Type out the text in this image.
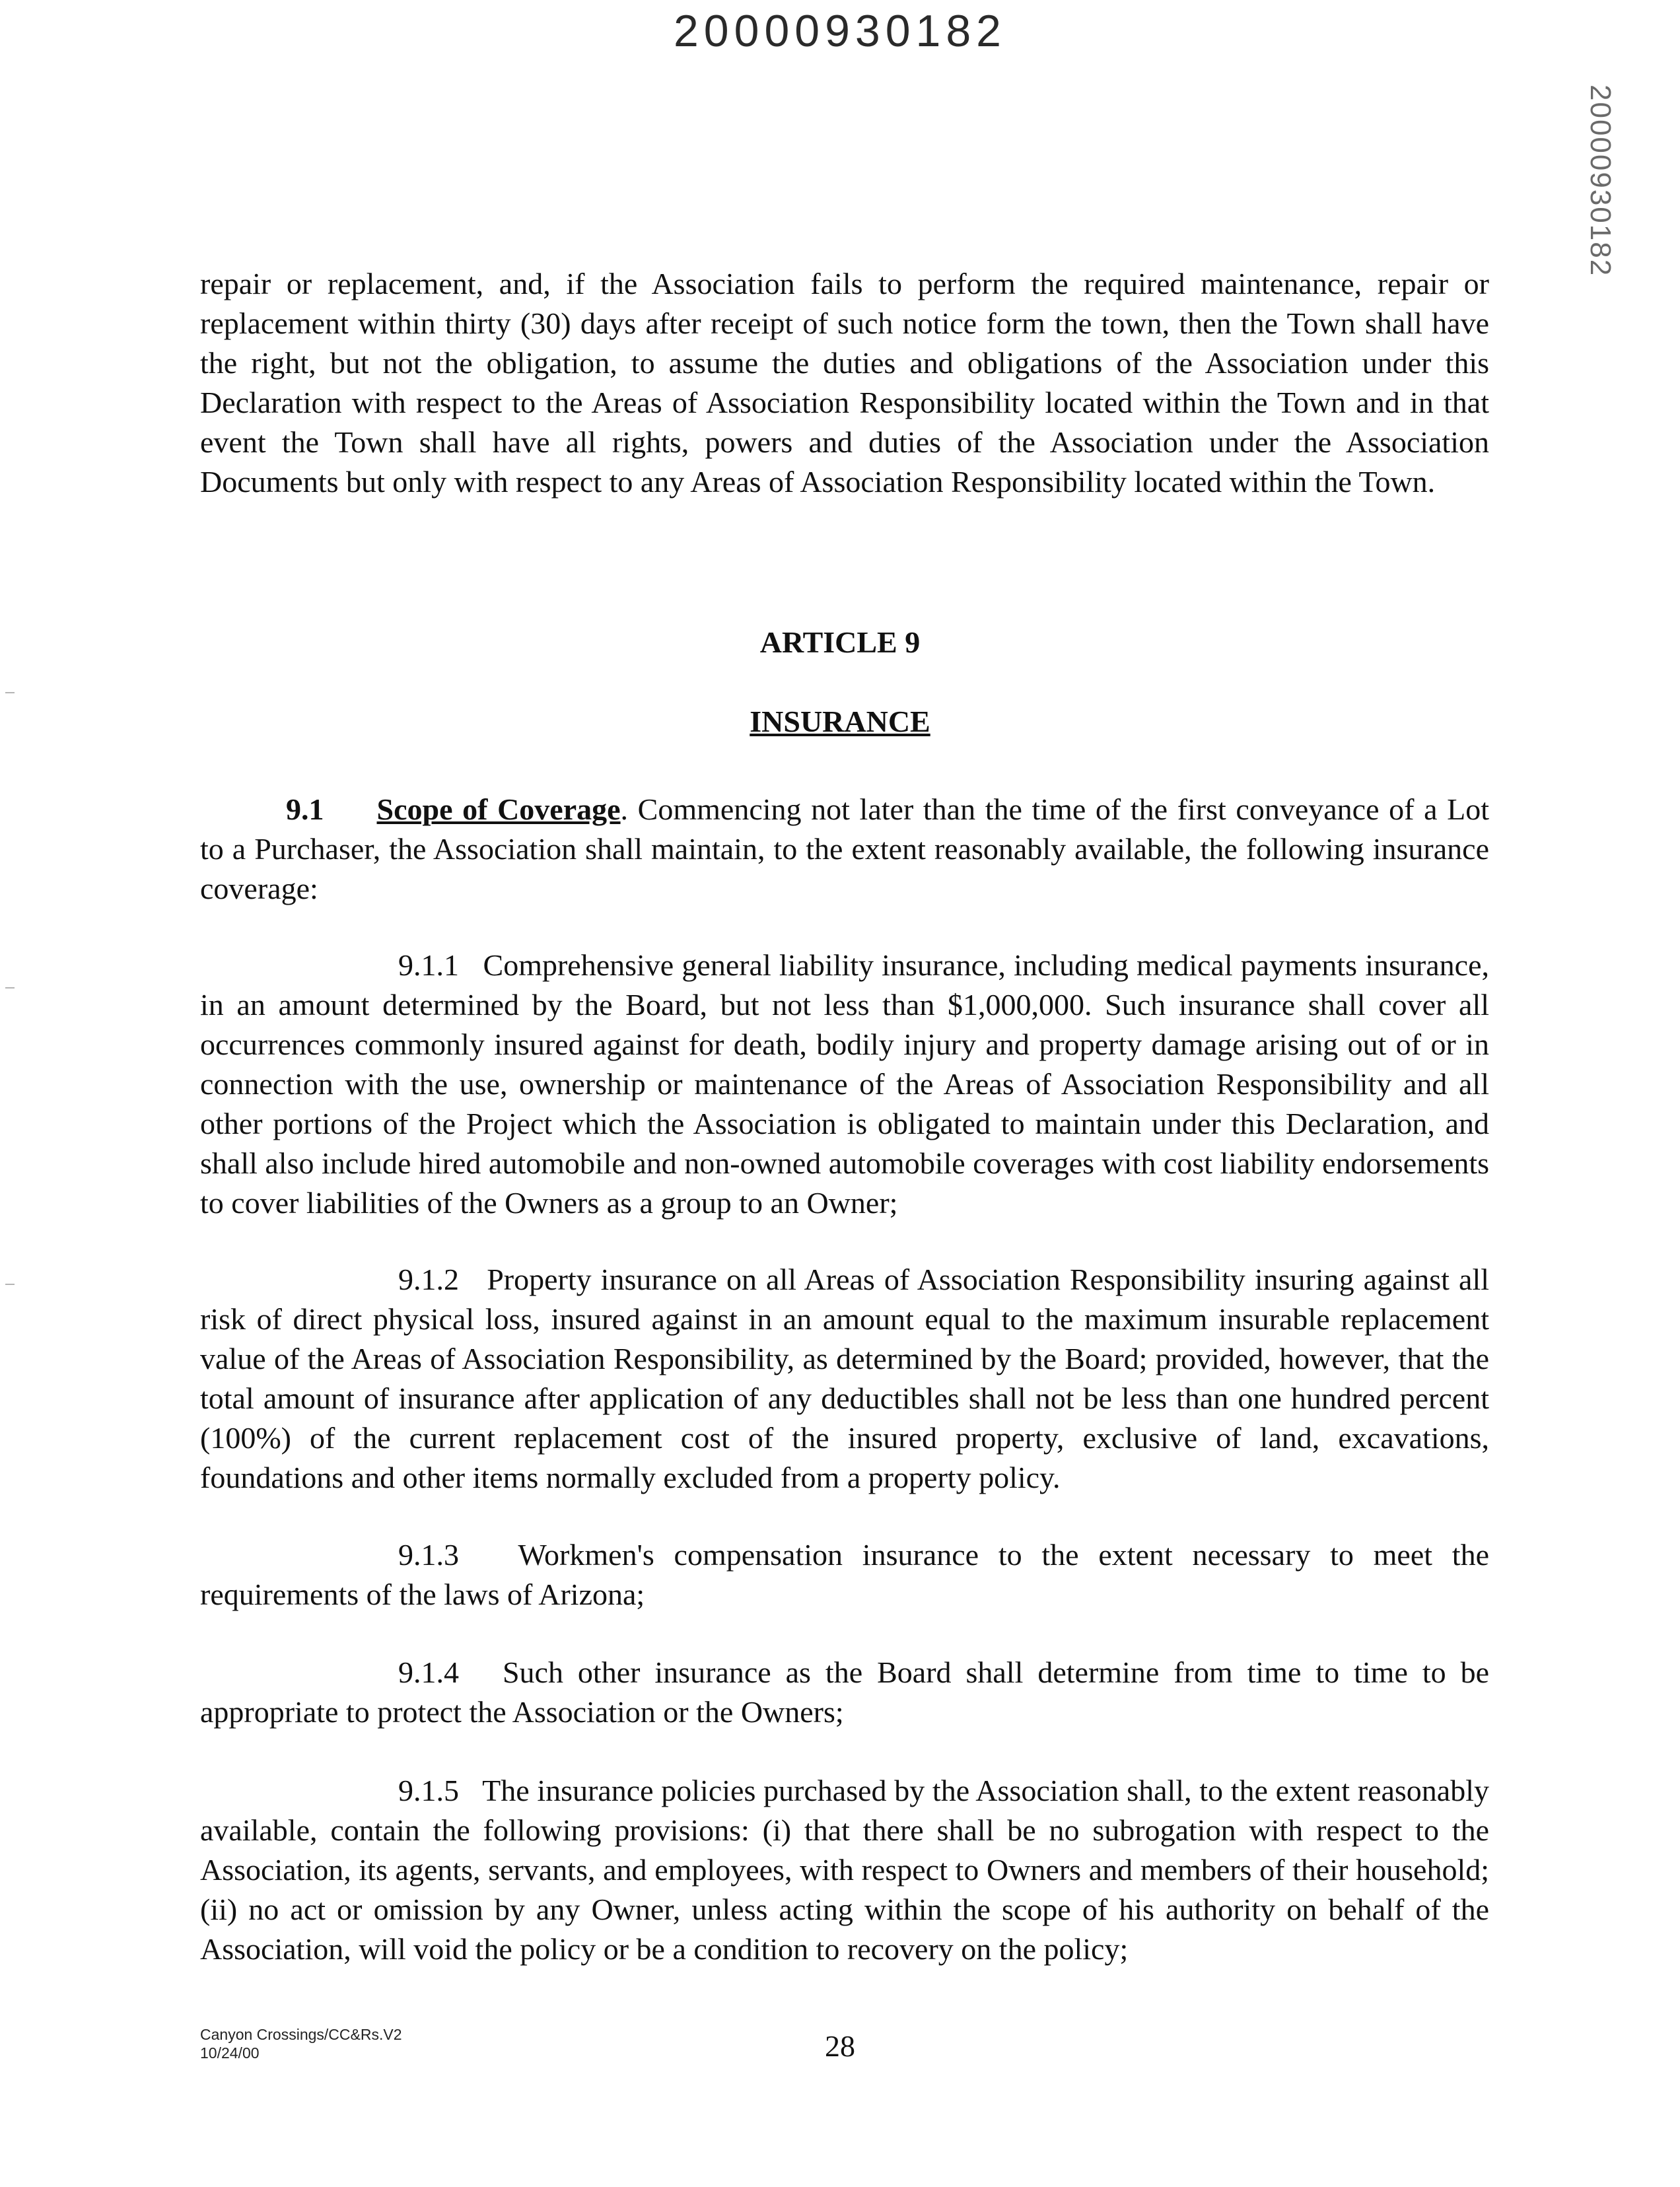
20000930182
20000930182

repair or replacement, and, if the Association fails to perform the required maintenance, repair or replacement within thirty (30) days after receipt of such notice form the town, then the Town shall have the right, but not the obligation, to assume the duties and obligations of the Association under this Declaration with respect to the Areas of Association Responsibility located within the Town and in that event the Town shall have all rights, powers and duties of the Association under the Association Documents but only with respect to any Areas of Association Responsibility located within the Town.

ARTICLE 9
INSURANCE

9.1 Scope of Coverage. Commencing not later than the time of the first conveyance of a Lot to a Purchaser, the Association shall maintain, to the extent reasonably available, the following insurance coverage:

9.1.1 Comprehensive general liability insurance, including medical payments insurance, in an amount determined by the Board, but not less than $1,000,000. Such insurance shall cover all occurrences commonly insured against for death, bodily injury and property damage arising out of or in connection with the use, ownership or maintenance of the Areas of Association Responsibility and all other portions of the Project which the Association is obligated to maintain under this Declaration, and shall also include hired automobile and non-owned automobile coverages with cost liability endorsements to cover liabilities of the Owners as a group to an Owner;

9.1.2 Property insurance on all Areas of Association Responsibility insuring against all risk of direct physical loss, insured against in an amount equal to the maximum insurable replacement value of the Areas of Association Responsibility, as determined by the Board; provided, however, that the total amount of insurance after application of any deductibles shall not be less than one hundred percent (100%) of the current replacement cost of the insured property, exclusive of land, excavations, foundations and other items normally excluded from a property policy.

9.1.3 Workmen's compensation insurance to the extent necessary to meet the requirements of the laws of Arizona;

9.1.4 Such other insurance as the Board shall determine from time to time to be appropriate to protect the Association or the Owners;

9.1.5 The insurance policies purchased by the Association shall, to the extent reasonably available, contain the following provisions: (i) that there shall be no subrogation with respect to the Association, its agents, servants, and employees, with respect to Owners and members of their household; (ii) no act or omission by any Owner, unless acting within the scope of his authority on behalf of the Association, will void the policy or be a condition to recovery on the policy;

Canyon Crossings/CC&Rs.V2
10/24/00	28
